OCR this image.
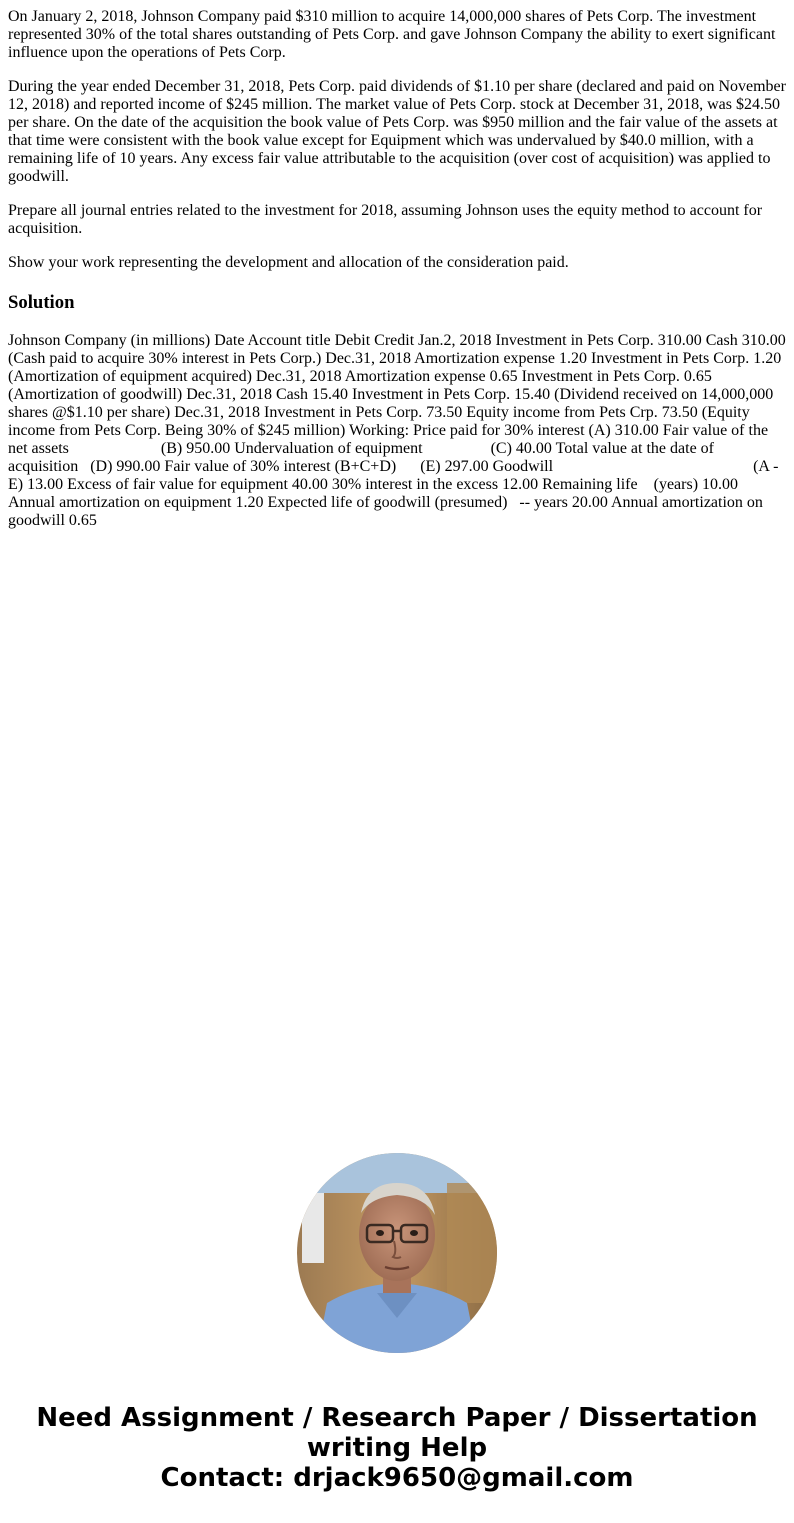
On January 2, 2018, Johnson Company paid $310 million to acquire 14,000,000 shares of Pets Corp. The investment represented 30% of the total shares outstanding of Pets Corp. and gave Johnson Company the ability to exert significant influence upon the operations of Pets Corp.

During the year ended December 31, 2018, Pets Corp. paid dividends of $1.10 per share (declared and paid on November 12, 2018) and reported income of $245 million. The market value of Pets Corp. stock at December 31, 2018, was $24.50 per share. On the date of the acquisition the book value of Pets Corp. was $950 million and the fair value of the assets at that time were consistent with the book value except for Equipment which was undervalued by $40.0 million, with a remaining life of 10 years. Any excess fair value attributable to the acquisition (over cost of acquisition) was applied to goodwill.

Prepare all journal entries related to the investment for 2018, assuming Johnson uses the equity method to account for acquisition.

Show your work representing the development and allocation of the consideration paid.

Solution

Johnson Company (in millions) Date Account title Debit Credit Jan.2, 2018 Investment in Pets Corp. 310.00 Cash 310.00 (Cash paid to acquire 30% interest in Pets Corp.) Dec.31, 2018 Amortization expense 1.20 Investment in Pets Corp. 1.20 (Amortization of equipment acquired) Dec.31, 2018 Amortization expense 0.65 Investment in Pets Corp. 0.65 (Amortization of goodwill) Dec.31, 2018 Cash 15.40 Investment in Pets Corp. 15.40 (Dividend received on 14,000,000 shares @$1.10 per share) Dec.31, 2018 Investment in Pets Corp. 73.50 Equity income from Pets Crp. 73.50 (Equity income from Pets Corp. Being 30% of $245 million) Working: Price paid for 30% interest (A) 310.00 Fair value of the net assets                       (B) 950.00 Undervaluation of equipment                 (C) 40.00 Total value at the date of acquisition   (D) 990.00 Fair value of 30% interest (B+C+D)      (E) 297.00 Goodwill                                                  (A - E) 13.00 Excess of fair value for equipment 40.00 30% interest in the excess 12.00 Remaining life    (years) 10.00 Annual amortization on equipment 1.20 Expected life of goodwill (presumed)   -- years 20.00 Annual amortization on goodwill 0.65

Need Assignment / Research Paper / Dissertation
writing Help
Contact: drjack9650@gmail.com
